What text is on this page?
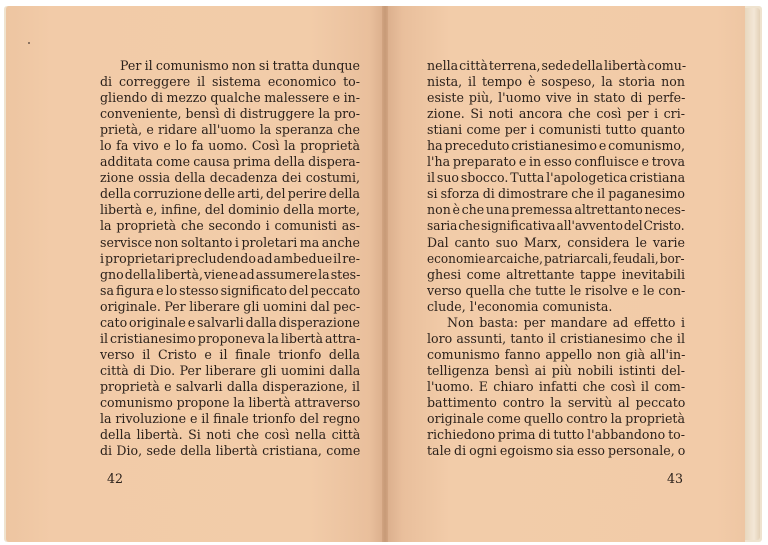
Per il comunismo non si tratta dunque
di correggere il sistema economico to-
gliendo di mezzo qualche malessere e in-
conveniente, bensì di distruggere la pro-
prietà, e ridare all'uomo la speranza che
lo fa vivo e lo fa uomo. Così la proprietà
additata come causa prima della dispera-
zione ossia della decadenza dei costumi,
della corruzione delle arti, del perire della
libertà e, infine, del dominio della morte,
la proprietà che secondo i comunisti as-
servisce non soltanto i proletari ma anche
i proprietari precludendo ad ambedue il re-
gno della libertà, viene ad assumere la stes-
sa figura e lo stesso significato del peccato
originale. Per liberare gli uomini dal pec-
cato originale e salvarli dalla disperazione
il cristianesimo proponeva la libertà attra-
verso il Cristo e il finale trionfo della
città di Dio. Per liberare gli uomini dalla
proprietà e salvarli dalla disperazione, il
comunismo propone la libertà attraverso
la rivoluzione e il finale trionfo del regno
della libertà. Si noti che così nella città
di Dio, sede della libertà cristiana, come
42
nella città terrena, sede della libertà comu-
nista, il tempo è sospeso, la storia non
esiste più, l'uomo vive in stato di perfe-
zione. Si noti ancora che così per i cri-
stiani come per i comunisti tutto quanto
ha preceduto cristianesimo e comunismo,
l'ha preparato e in esso confluisce e trova
il suo sbocco. Tutta l'apologetica cristiana
si sforza di dimostrare che il paganesimo
non è che una premessa altrettanto neces-
saria che significativa all'avvento del Cristo.
Dal canto suo Marx, considera le varie
economie arcaiche, patriarcali, feudali, bor-
ghesi come altrettante tappe inevitabili
verso quella che tutte le risolve e le con-
clude, l'economia comunista.
Non basta: per mandare ad effetto i
loro assunti, tanto il cristianesimo che il
comunismo fanno appello non già all'in-
telligenza bensì ai più nobili istinti del-
l'uomo. E chiaro infatti che così il com-
battimento contro la servitù al peccato
originale come quello contro la proprietà
richiedono prima di tutto l'abbandono to-
tale di ogni egoismo sia esso personale, o
43
